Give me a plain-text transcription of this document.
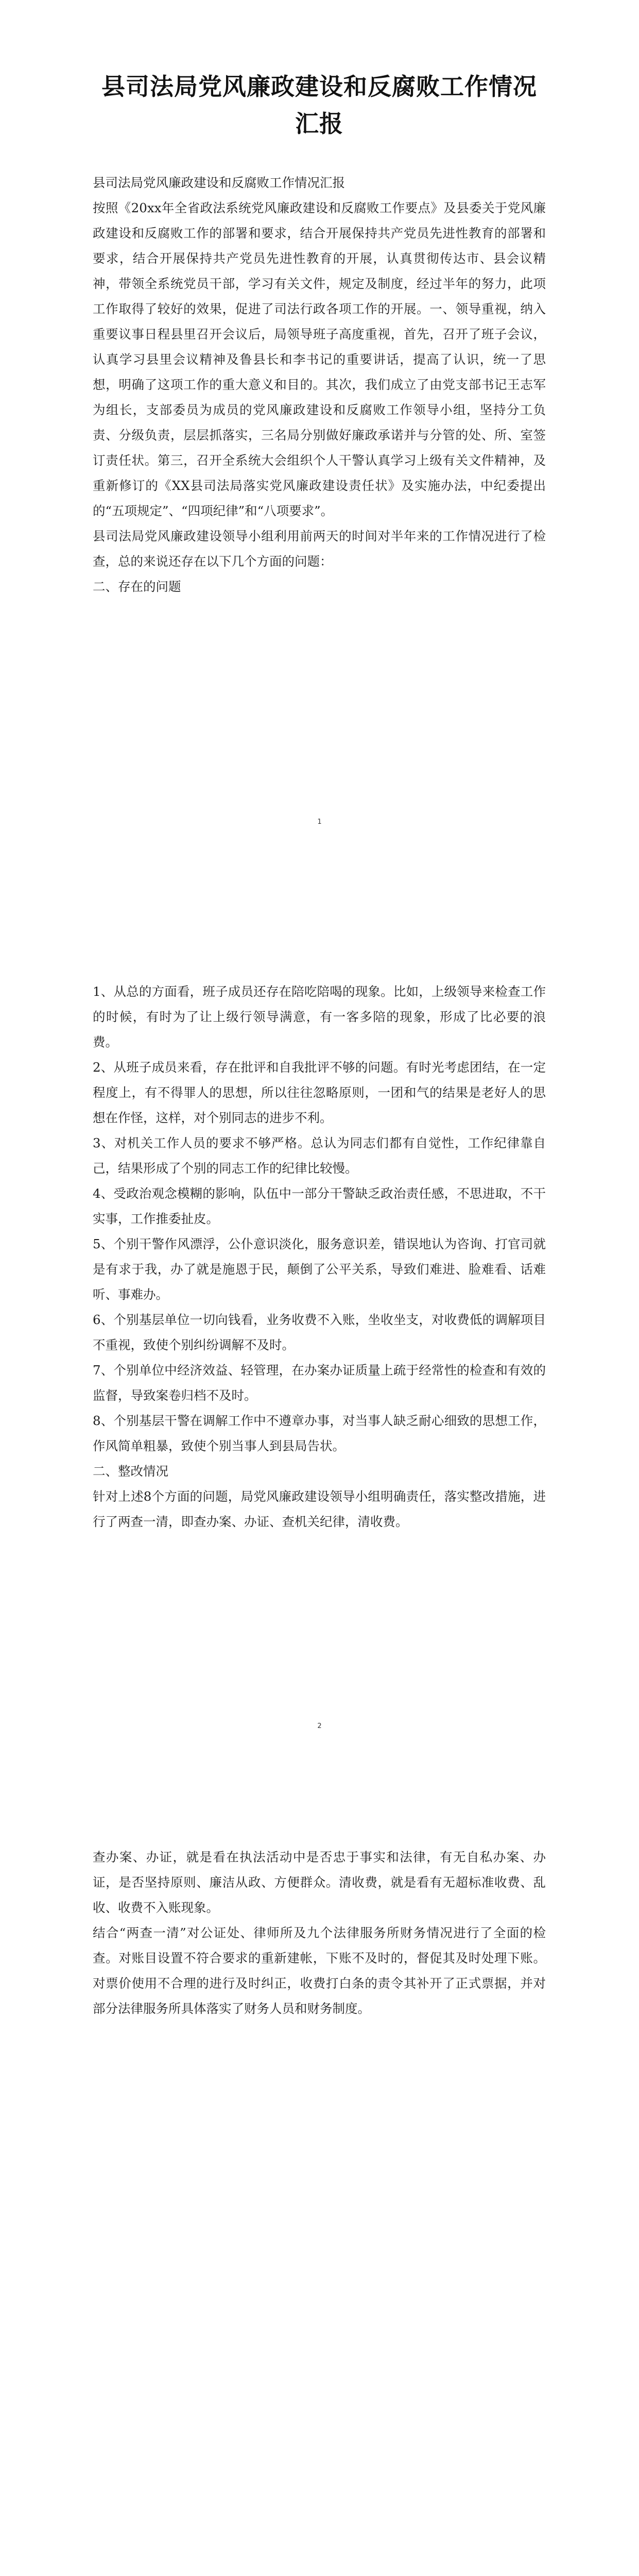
县司法局党风廉政建设和反腐败工作情况汇报

县司法局党风廉政建设和反腐败工作情况汇报

按照《20xx年全省政法系统党风廉政建设和反腐败工作要点》及县委关于党风廉政建设和反腐败工作的部署和要求，结合开展保持共产党员先进性教育的部署和要求，结合开展保持共产党员先进性教育的开展，认真贯彻传达市、县会议精神，带领全系统党员干部，学习有关文件，规定及制度，经过半年的努力，此项工作取得了较好的效果，促进了司法行政各项工作的开展。一、领导重视，纳入重要议事日程县里召开会议后，局领导班子高度重视，首先，召开了班子会议，认真学习县里会议精神及鲁县长和李书记的重要讲话，提高了认识，统一了思想，明确了这项工作的重大意义和目的。其次，我们成立了由党支部书记王志军为组长，支部委员为成员的党风廉政建设和反腐败工作领导小组，坚持分工负责、分级负责，层层抓落实，三名局分别做好廉政承诺并与分管的处、所、室签订责任状。第三，召开全系统大会组织个人干警认真学习上级有关文件精神，及重新修订的《XX县司法局落实党风廉政建设责任状》及实施办法，中纪委提出的“五项规定”、“四项纪律”和“八项要求”。

县司法局党风廉政建设领导小组利用前两天的时间对半年来的工作情况进行了检查，总的来说还存在以下几个方面的问题：

二、存在的问题

1

1、从总的方面看，班子成员还存在陪吃陪喝的现象。比如，上级领导来检查工作的时候，有时为了让上级行领导满意，有一客多陪的现象，形成了比必要的浪费。

2、从班子成员来看，存在批评和自我批评不够的问题。有时光考虑团结，在一定程度上，有不得罪人的思想，所以往往忽略原则，一团和气的结果是老好人的思想在作怪，这样，对个别同志的进步不利。

3、对机关工作人员的要求不够严格。总认为同志们都有自觉性，工作纪律靠自己，结果形成了个别的同志工作的纪律比较慢。

4、受政治观念模糊的影响，队伍中一部分干警缺乏政治责任感，不思进取，不干实事，工作推委扯皮。

5、个别干警作风漂浮，公仆意识淡化，服务意识差，错误地认为咨询、打官司就是有求于我，办了就是施恩于民，颠倒了公平关系，导致们难进、脸难看、话难听、事难办。

6、个别基层单位一切向钱看，业务收费不入账，坐收坐支，对收费低的调解项目不重视，致使个别纠纷调解不及时。

7、个别单位中经济效益、轻管理，在办案办证质量上疏于经常性的检查和有效的监督，导致案卷归档不及时。

8、个别基层干警在调解工作中不遵章办事，对当事人缺乏耐心细致的思想工作，作风简单粗暴，致使个别当事人到县局告状。

二、整改情况

针对上述8个方面的问题，局党风廉政建设领导小组明确责任，落实整改措施，进行了两查一清，即查办案、办证、查机关纪律，清收费。

2

查办案、办证，就是看在执法活动中是否忠于事实和法律，有无自私办案、办证，是否坚持原则、廉洁从政、方便群众。清收费，就是看有无超标准收费、乱收、收费不入账现象。

结合“两查一清”对公证处、律师所及九个法律服务所财务情况进行了全面的检查。对账目设置不符合要求的重新建帐，下账不及时的，督促其及时处理下账。对票价使用不合理的进行及时纠正，收费打白条的责令其补开了正式票据，并对部分法律服务所具体落实了财务人员和财务制度。
